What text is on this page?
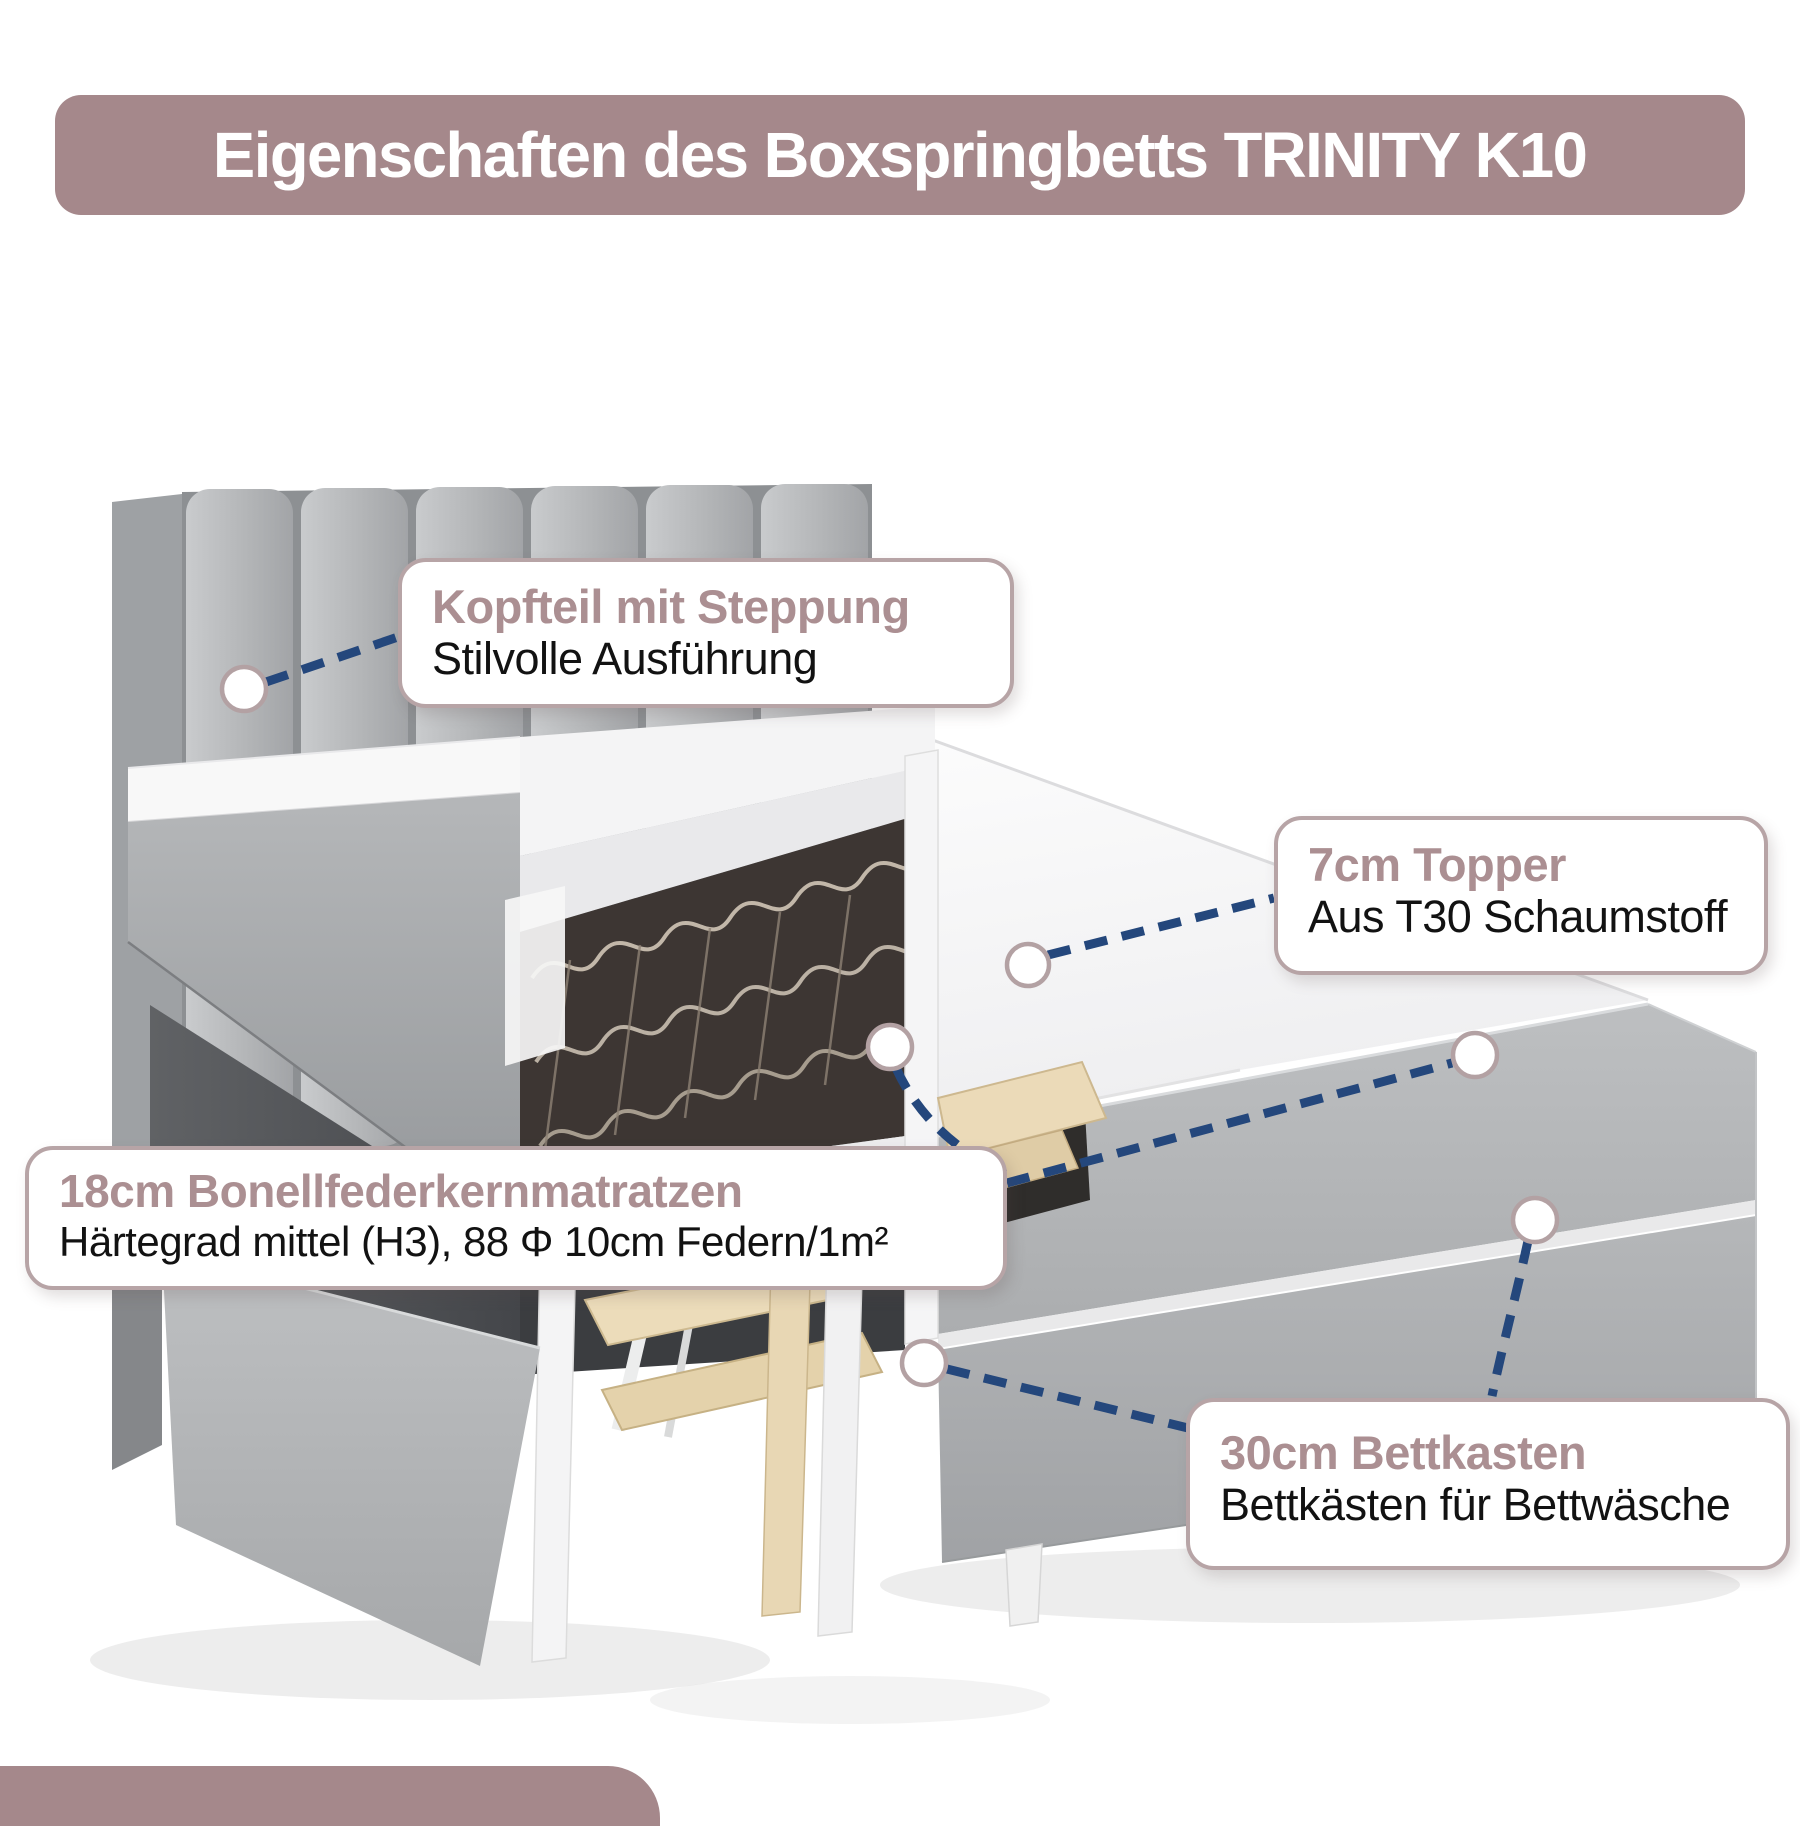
Eigenschaften des Boxspringbetts TRINITY K10
Kopfteil mit Steppung
Stilvolle Ausführung
7cm Topper
Aus T30 Schaumstoff
18cm Bonellfederkernmatratzen
Härtegrad mittel (H3), 88 Φ 10cm Federn/1m²
30cm Bettkasten
Bettkästen für Bettwäsche
